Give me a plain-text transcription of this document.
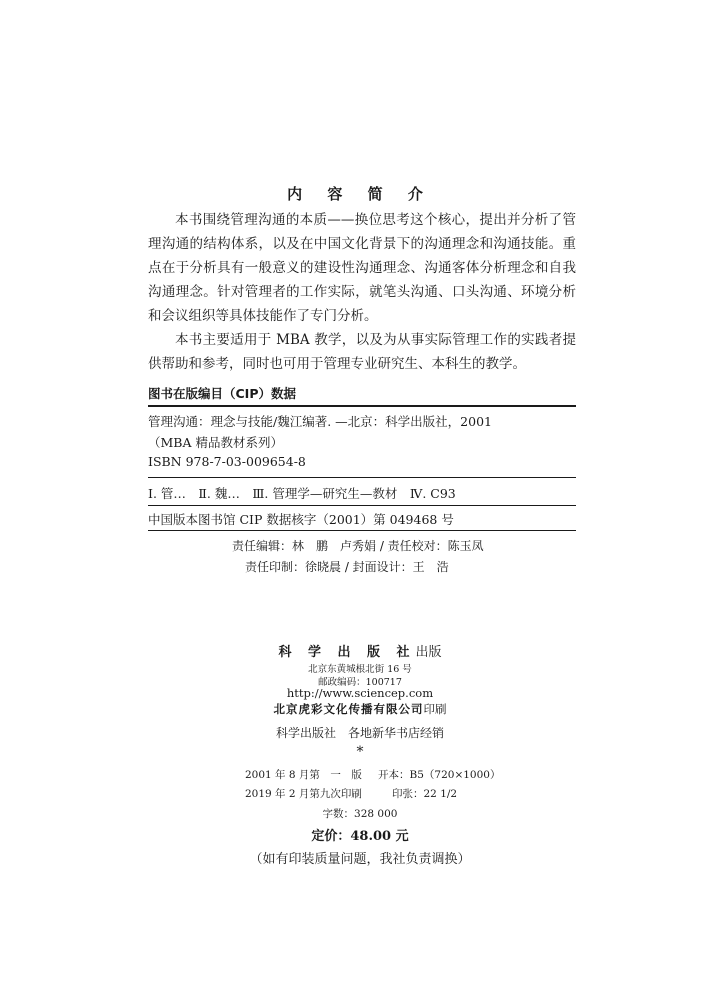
内 容 简 介

本书围绕管理沟通的本质——换位思考这个核心，提出并分析了管理沟通的结构体系，以及在中国文化背景下的沟通理念和沟通技能。重点在于分析具有一般意义的建设性沟通理念、沟通客体分析理念和自我沟通理念。针对管理者的工作实际，就笔头沟通、口头沟通、环境分析和会议组织等具体技能作了专门分析。

本书主要适用于 MBA 教学，以及为从事实际管理工作的实践者提供帮助和参考，同时也可用于管理专业研究生、本科生的教学。

图书在版编目（CIP）数据
管理沟通：理念与技能/魏江编著. —北京：科学出版社，2001
（MBA 精品教材系列）
ISBN 978-7-03-009654-8
Ⅰ. 管…　Ⅱ. 魏…　Ⅲ. 管理学—研究生—教材　Ⅳ. C93
中国版本图书馆 CIP 数据核字（2001）第 049468 号
责任编辑：林　鹏　卢秀娟 / 责任校对：陈玉凤
责任印制：徐晓晨 / 封面设计：王　浩
科 学 出 版 社出版
北京东黄城根北街 16 号
邮政编码：100717
http://www.sciencep.com
北京虎彩文化传播有限公司印刷
科学出版社　各地新华书店经销
*
2001 年 8 月第　一　版 开本：B5（720×1000）
2019 年 2 月第九次印刷	印张：22 1/2
字数：328 000
定价：48.00 元
（如有印装质量问题，我社负责调换）
